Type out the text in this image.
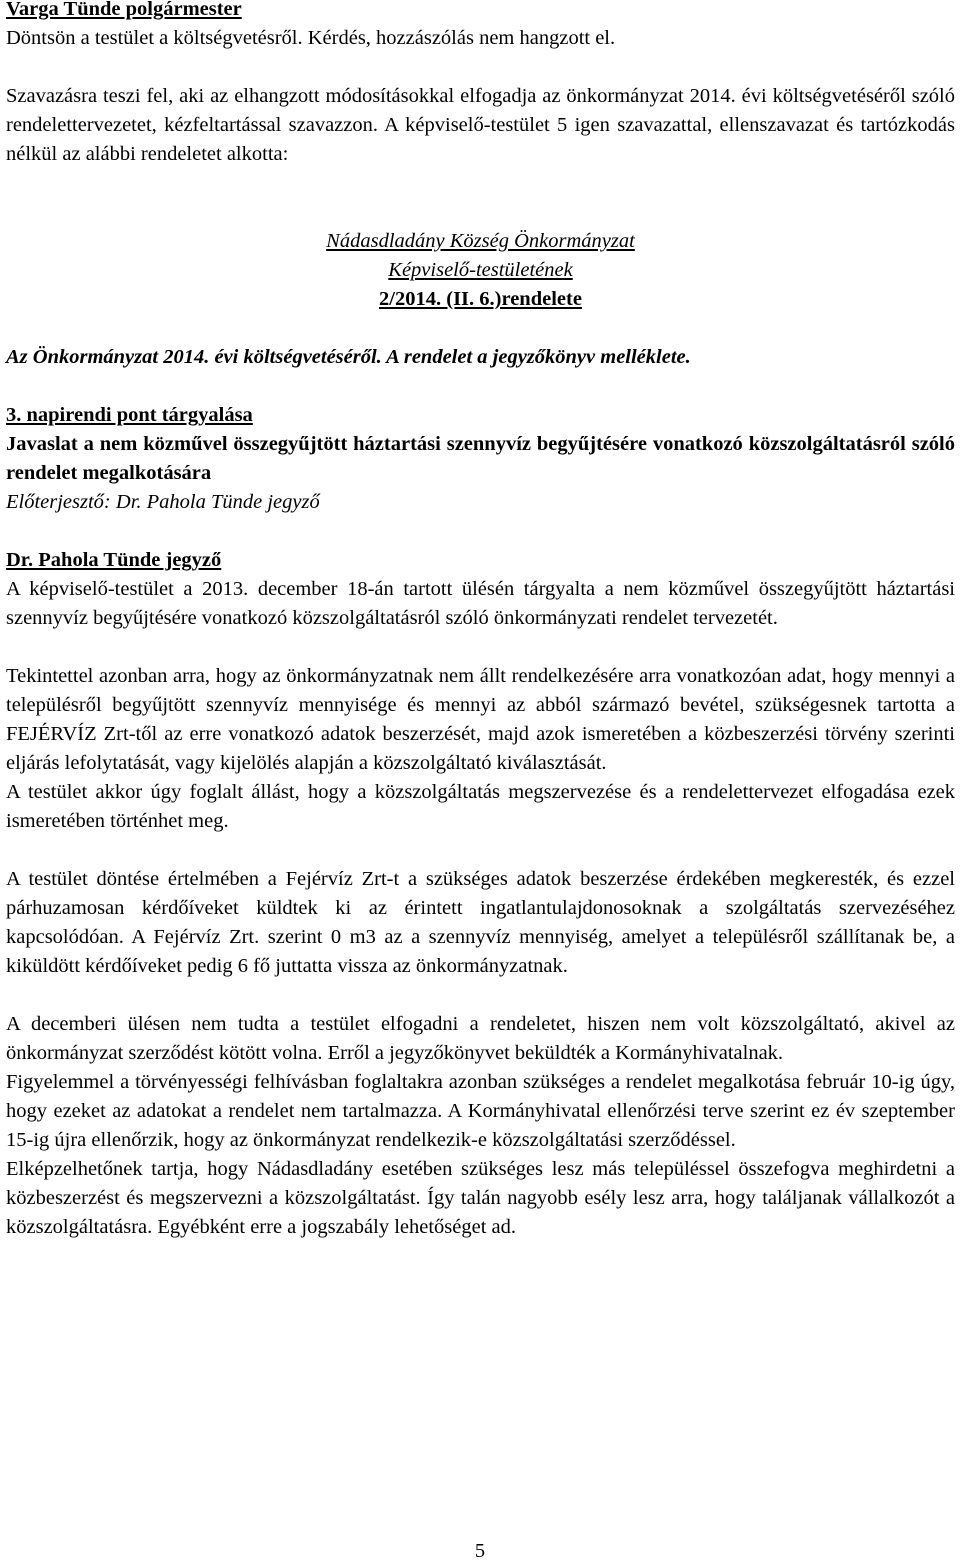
Varga Tünde polgármester

Döntsön a testület a költségvetésről. Kérdés, hozzászólás nem hangzott el.

Szavazásra teszi fel, aki az elhangzott módosításokkal elfogadja az önkormányzat 2014. évi költségvetéséről szóló rendelettervezetet, kézfeltartással szavazzon. A képviselő-testület 5 igen szavazattal, ellenszavazat és tartózkodás nélkül az alábbi rendeletet alkotta:

Nádasdladány Község Önkormányzat

Képviselő-testületének

2/2014. (II. 6.)rendelete

Az Önkormányzat 2014. évi költségvetéséről. A rendelet a jegyzőkönyv melléklete.

3. napirendi pont tárgyalása

Javaslat a nem közművel összegyűjtött háztartási szennyvíz begyűjtésére vonatkozó közszolgáltatásról szóló rendelet megalkotására

Előterjesztő: Dr. Pahola Tünde jegyző

Dr. Pahola Tünde jegyző

A képviselő-testület a 2013. december 18-án tartott ülésén tárgyalta a nem közművel összegyűjtött háztartási szennyvíz begyűjtésére vonatkozó közszolgáltatásról szóló önkormányzati rendelet tervezetét.

Tekintettel azonban arra, hogy az önkormányzatnak nem állt rendelkezésére arra vonatkozóan adat, hogy mennyi a településről begyűjtött szennyvíz mennyisége és mennyi az abból származó bevétel, szükségesnek tartotta a FEJÉRVÍZ Zrt-től az erre vonatkozó adatok beszerzését, majd azok ismeretében a közbeszerzési törvény szerinti eljárás lefolytatását, vagy kijelölés alapján a közszolgáltató kiválasztását.

A testület akkor úgy foglalt állást, hogy a közszolgáltatás megszervezése és a rendelettervezet elfogadása ezek ismeretében történhet meg.

A testület döntése értelmében a Fejérvíz Zrt-t a szükséges adatok beszerzése érdekében megkeresték, és ezzel párhuzamosan kérdőíveket küldtek ki az érintett ingatlantulajdonosoknak a szolgáltatás szervezéséhez kapcsolódóan. A Fejérvíz Zrt. szerint 0 m3 az a szennyvíz mennyiség, amelyet a településről szállítanak be, a kiküldött kérdőíveket pedig 6 fő juttatta vissza az önkormányzatnak.

A decemberi ülésen nem tudta a testület elfogadni a rendeletet, hiszen nem volt közszolgáltató, akivel az önkormányzat szerződést kötött volna. Erről a jegyzőkönyvet beküldték a Kormányhivatalnak.

Figyelemmel a törvényességi felhívásban foglaltakra azonban szükséges a rendelet megalkotása február 10-ig úgy, hogy ezeket az adatokat a rendelet nem tartalmazza. A Kormányhivatal ellenőrzési terve szerint ez év szeptember 15-ig újra ellenőrzik, hogy az önkormányzat rendelkezik-e közszolgáltatási szerződéssel.

Elképzelhetőnek tartja, hogy Nádasdladány esetében szükséges lesz más településsel összefogva meghirdetni a közbeszerzést és megszervezni a közszolgáltatást. Így talán nagyobb esély lesz arra, hogy találjanak vállalkozót a közszolgáltatásra. Egyébként erre a jogszabály lehetőséget ad.

5
